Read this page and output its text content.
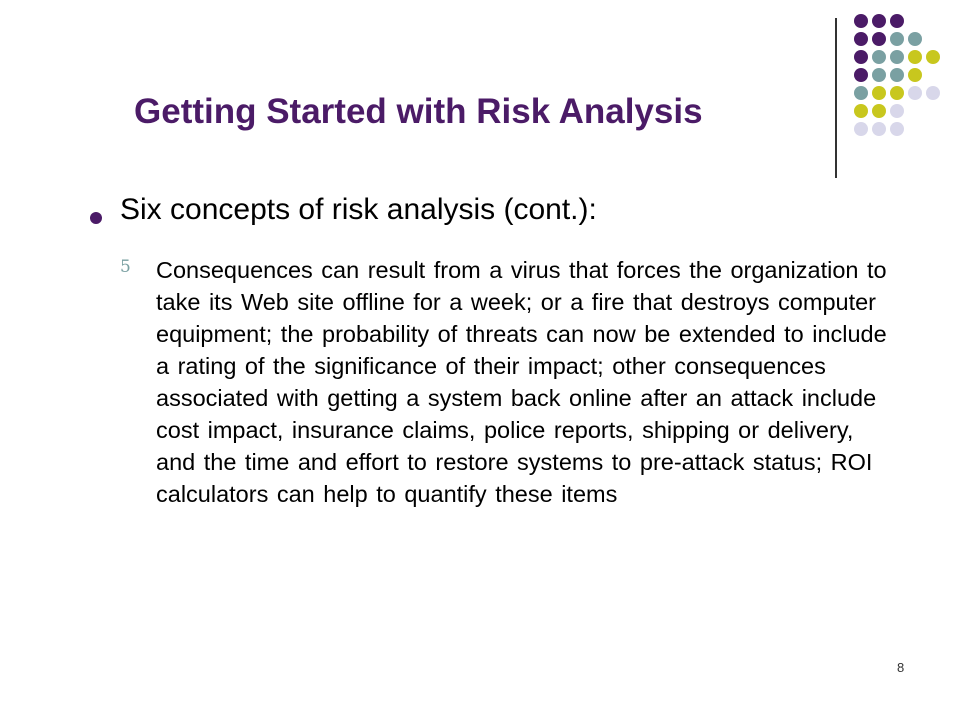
Getting Started with Risk Analysis
Six concepts of risk analysis (cont.):
5 Consequences can result from a virus that forces the organization to take its Web site offline for a week; or a fire that destroys computer equipment; the probability of threats can now be extended to include a rating of the significance of their impact; other consequences associated with getting a system back online after an attack include cost impact, insurance claims, police reports, shipping or delivery, and the time and effort to restore systems to pre-attack status; ROI calculators can help to quantify these items
8
